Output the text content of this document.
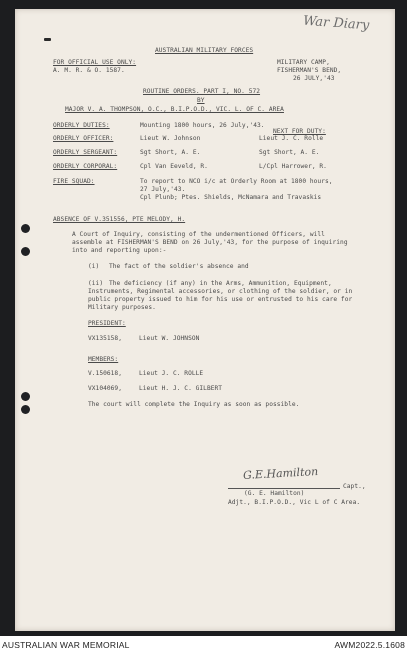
War Diary
AUSTRALIAN MILITARY FORCES
FOR OFFICIAL USE ONLY:
A. M. R. & O. 1587.
MILITARY CAMP,
FISHERMAN'S BEND,
26 JULY,'43
ROUTINE ORDERS. PART I, NO. 572
BY
MAJOR V. A. THOMPSON, O.C., B.I.P.O.D., VIC. L. OF C. AREA
ORDERLY DUTIES:	Mounting 1800 hours, 26 July,'43.
NEXT FOR DUTY:
ORDERLY OFFICER:	Lieut W. Johnson	Lieut J. C. Rolle
ORDERLY SERGEANT:	Sgt Short, A. E.	Sgt Short, A. E.
ORDERLY CORPORAL:	Cpl Van Eeveld, R.	L/Cpl Harrower, R.
FIRE SQUAD:	To report to NCO i/c at Orderly Room at 1800 hours,
27 July,'43.
Cpl Plunb; Ptes. Shields, McNamara and Travaskis
ABSENCE OF V.351556, PTE MELODY, H.
A Court of Inquiry, consisting of the undermentioned Officers, will
assemble at FISHERMAN'S BEND on 26 July,'43, for the purpose of inquiring
into and reporting upon:-
(i) The fact of the soldier's absence and
(ii) The deficiency (if any) in the Arms, Ammunition, Equipment,
Instruments, Regimental accessories, or clothing of the soldier, or in
public property issued to him for his use or entrusted to his care for
Military purposes.
PRESIDENT:
VX135158,	Lieut W. JOHNSON
MEMBERS:
V.150618,	Lieut J. C. ROLLE
VX104069,	Lieut H. J. C. GILBERT
The court will complete the Inquiry as soon as possible.
G.E.Hamilton
Capt.,
(G. E. Hamilton)
Adjt., B.I.P.O.D., Vic L of C Area.
AUSTRALIAN WAR MEMORIAL	AWM2022.5.1608
